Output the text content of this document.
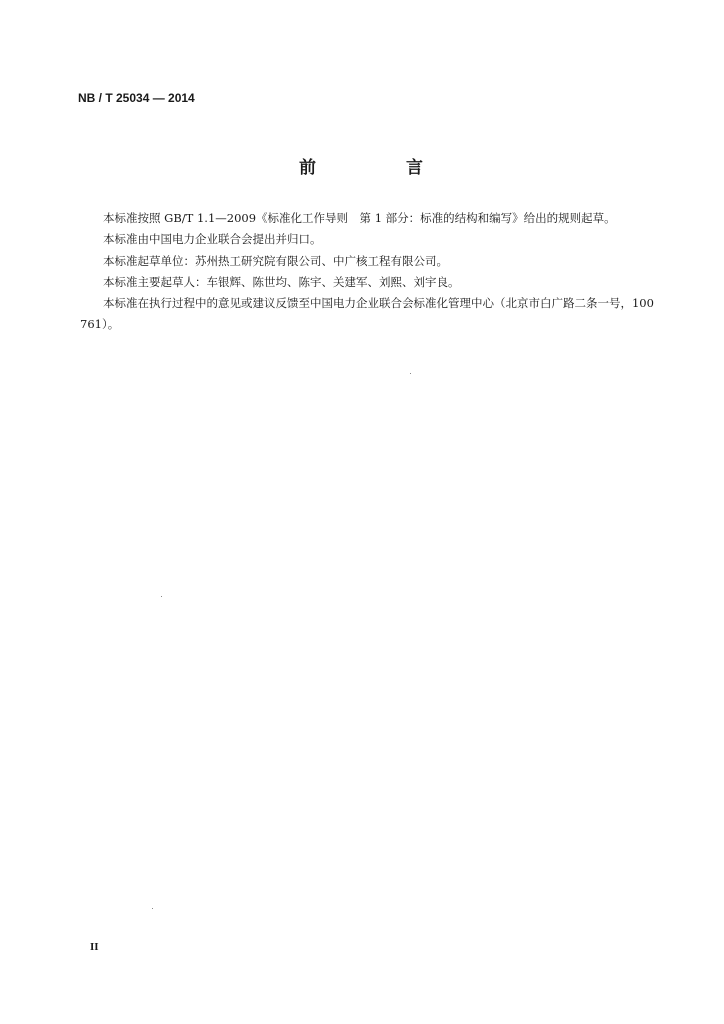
NB / T 25034 — 2014
前 言

本标准按照 GB/T 1.1—2009《标准化工作导则　第 1 部分：标准的结构和编写》给出的规则起草。

本标准由中国电力企业联合会提出并归口。

本标准起草单位：苏州热工研究院有限公司、中广核工程有限公司。

本标准主要起草人：车银辉、陈世均、陈宇、关建军、刘熙、刘宇良。

本标准在执行过程中的意见或建议反馈至中国电力企业联合会标准化管理中心（北京市白广路二条一号，100761）。

II
